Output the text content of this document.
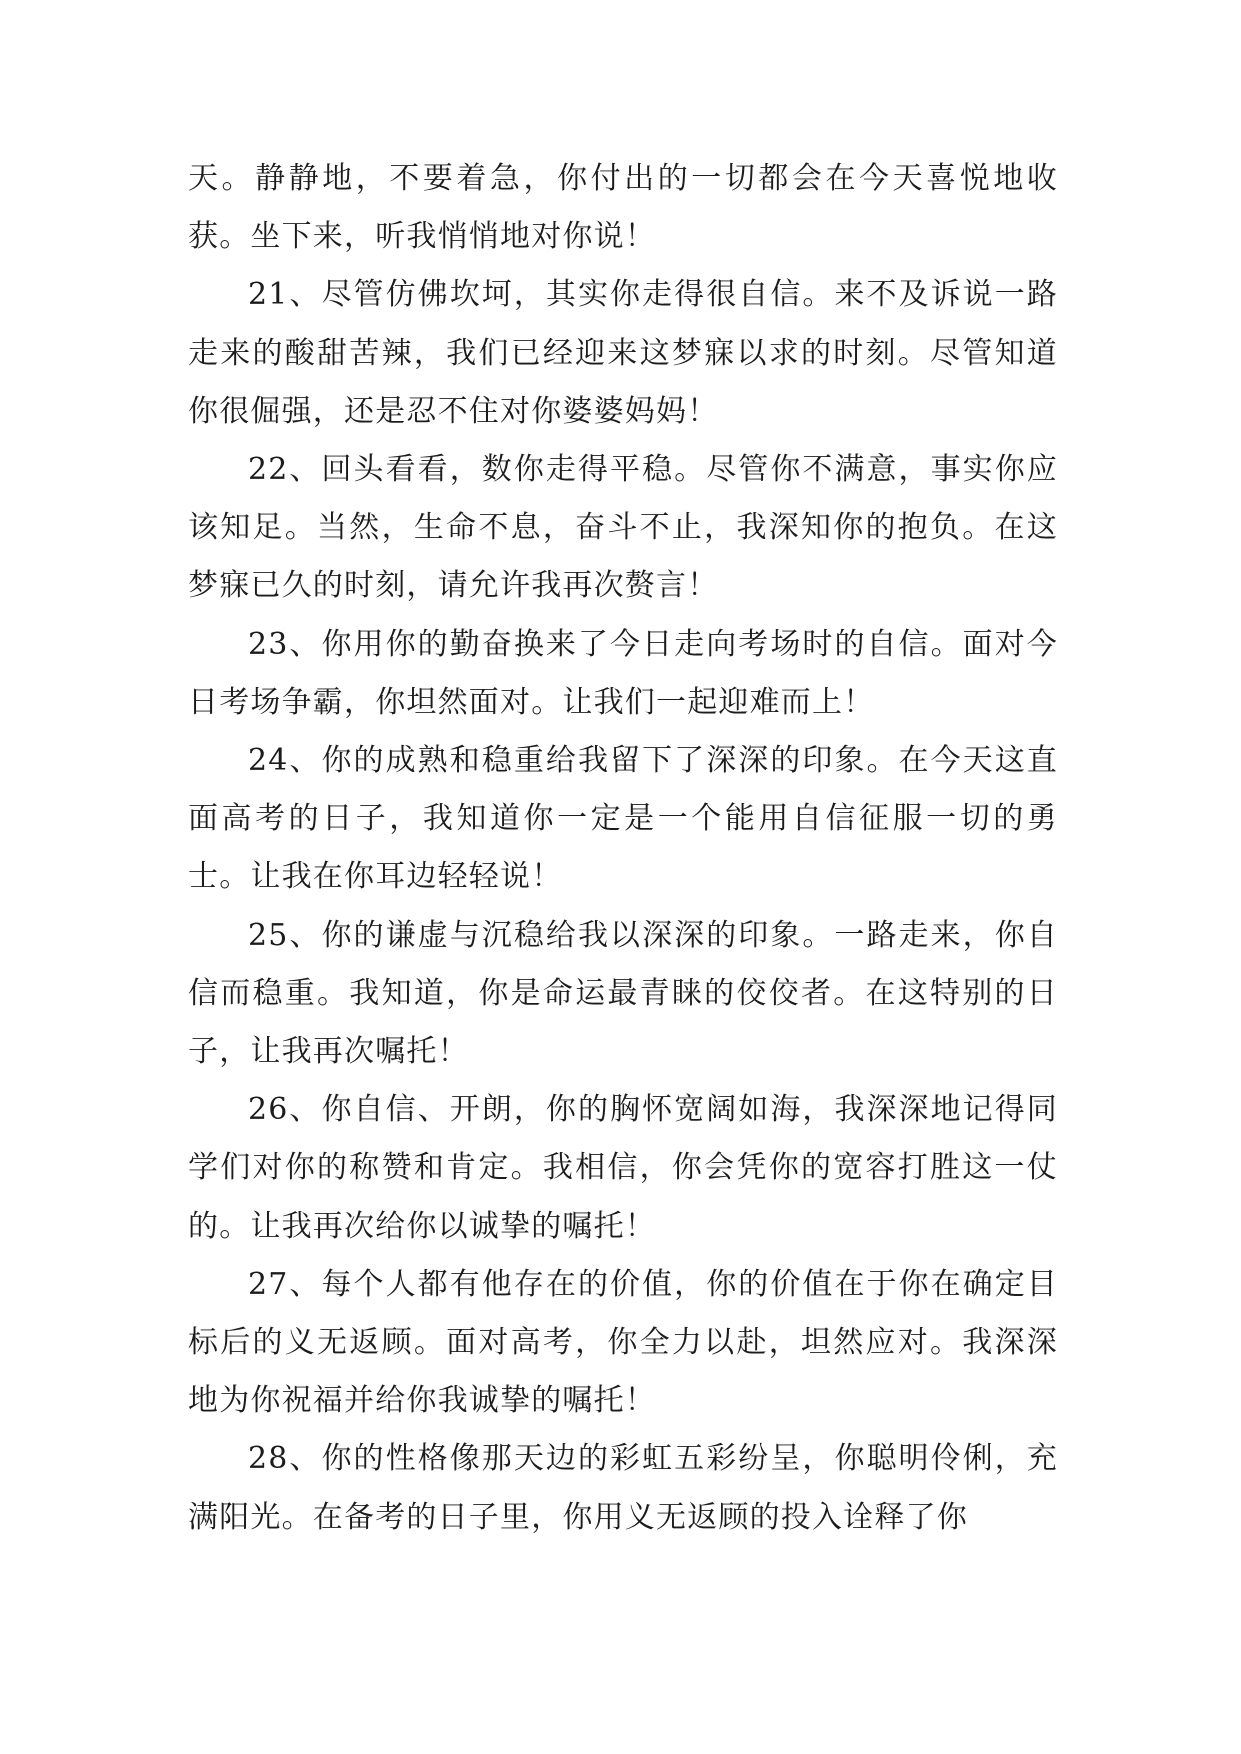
天。静静地，不要着急，你付出的一切都会在今天喜悦地收获。坐下来，听我悄悄地对你说！

21、尽管仿佛坎坷，其实你走得很自信。来不及诉说一路走来的酸甜苦辣，我们已经迎来这梦寐以求的时刻。尽管知道你很倔强，还是忍不住对你婆婆妈妈！

22、回头看看，数你走得平稳。尽管你不满意，事实你应该知足。当然，生命不息，奋斗不止，我深知你的抱负。在这梦寐已久的时刻，请允许我再次赘言！

23、你用你的勤奋换来了今日走向考场时的自信。面对今日考场争霸，你坦然面对。让我们一起迎难而上！

24、你的成熟和稳重给我留下了深深的印象。在今天这直面高考的日子，我知道你一定是一个能用自信征服一切的勇士。让我在你耳边轻轻说！

25、你的谦虚与沉稳给我以深深的印象。一路走来，你自信而稳重。我知道，你是命运最青睐的佼佼者。在这特别的日子，让我再次嘱托！

26、你自信、开朗，你的胸怀宽阔如海，我深深地记得同学们对你的称赞和肯定。我相信，你会凭你的宽容打胜这一仗的。让我再次给你以诚挚的嘱托！

27、每个人都有他存在的价值，你的价值在于你在确定目标后的义无返顾。面对高考，你全力以赴，坦然应对。我深深地为你祝福并给你我诚挚的嘱托！

28、你的性格像那天边的彩虹五彩纷呈，你聪明伶俐，充满阳光。在备考的日子里，你用义无返顾的投入诠释了你
